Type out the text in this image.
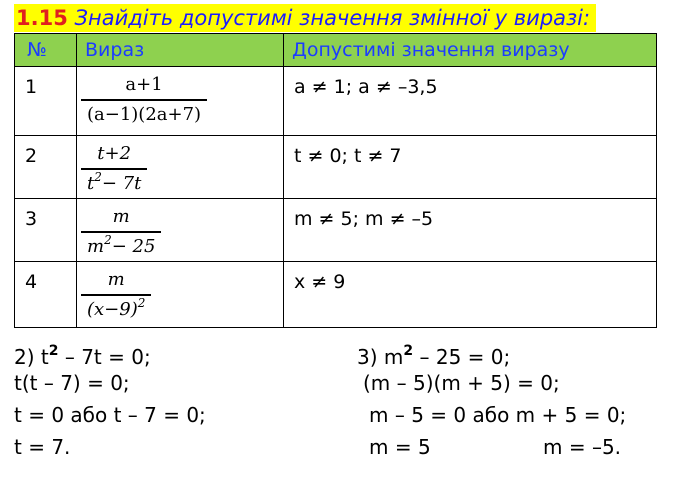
1.15 Знайдіть допустимі значення змінної у виразі:
№	Вираз	Допустимі значення виразу
1	$\frac{a+1}{(a-1)(2a+7)}$	a ≠ 1; a ≠ –3,5
2	$\frac{t+2}{t^2- 7t}$	t ≠ 0; t ≠ 7
3	$\frac{m}{m^2- 25}$	m ≠ 5; m ≠ –5
4	$\frac{m}{(x-9)^2}$	x ≠ 9
2) $t^2 - 7t = 0$;
t(t – 7) = 0;
t = 0 або t – 7 = 0;
t = 7.
3) $m^2 - 25 = 0$;
(m – 5)(m + 5) = 0;
m – 5 = 0 або m + 5 = 0;
m = 5	m = –5.
